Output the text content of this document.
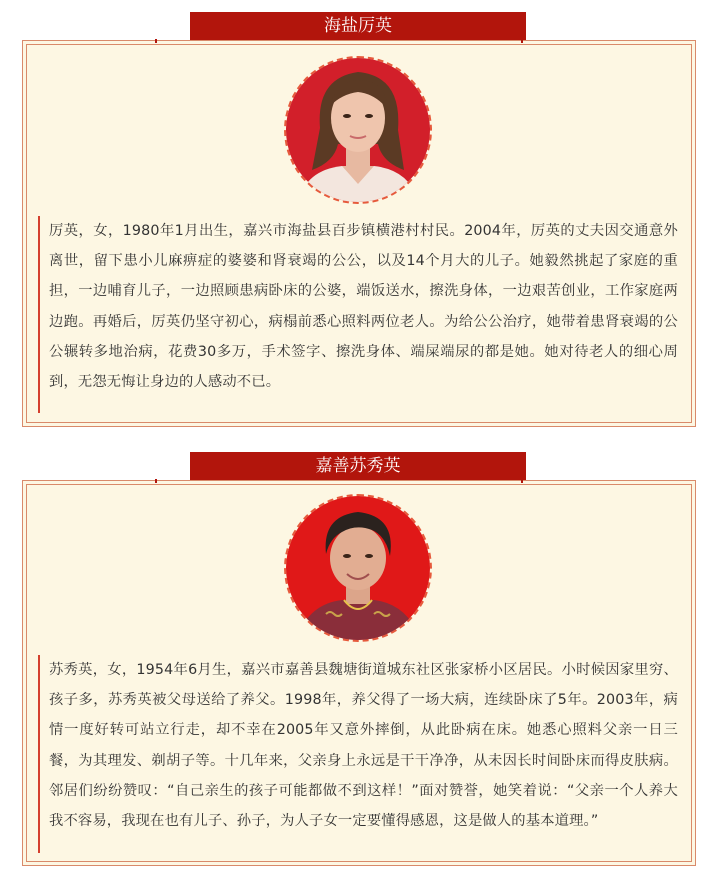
海盐厉英
厉英，女，1980年1月出生，嘉兴市海盐县百步镇横港村村民。2004年，厉英的丈夫因交通意外离世，留下患小儿麻痹症的婆婆和肾衰竭的公公，以及14个月大的儿子。她毅然挑起了家庭的重担，一边哺育儿子，一边照顾患病卧床的公婆，端饭送水，擦洗身体，一边艰苦创业，工作家庭两边跑。再婚后，厉英仍坚守初心，病榻前悉心照料两位老人。为给公公治疗，她带着患肾衰竭的公公辗转多地治病，花费30多万，手术签字、擦洗身体、端屎端尿的都是她。她对待老人的细心周到，无怨无悔让身边的人感动不已。
嘉善苏秀英
苏秀英，女，1954年6月生，嘉兴市嘉善县魏塘街道城东社区张家桥小区居民。小时候因家里穷、孩子多，苏秀英被父母送给了养父。1998年，养父得了一场大病，连续卧床了5年。2003年，病情一度好转可站立行走，却不幸在2005年又意外摔倒，从此卧病在床。她悉心照料父亲一日三餐，为其理发、剃胡子等。十几年来，父亲身上永远是干干净净，从未因长时间卧床而得皮肤病。邻居们纷纷赞叹：“自己亲生的孩子可能都做不到这样！”面对赞誉，她笑着说：“父亲一个人养大我不容易，我现在也有儿子、孙子，为人子女一定要懂得感恩，这是做人的基本道理。”
